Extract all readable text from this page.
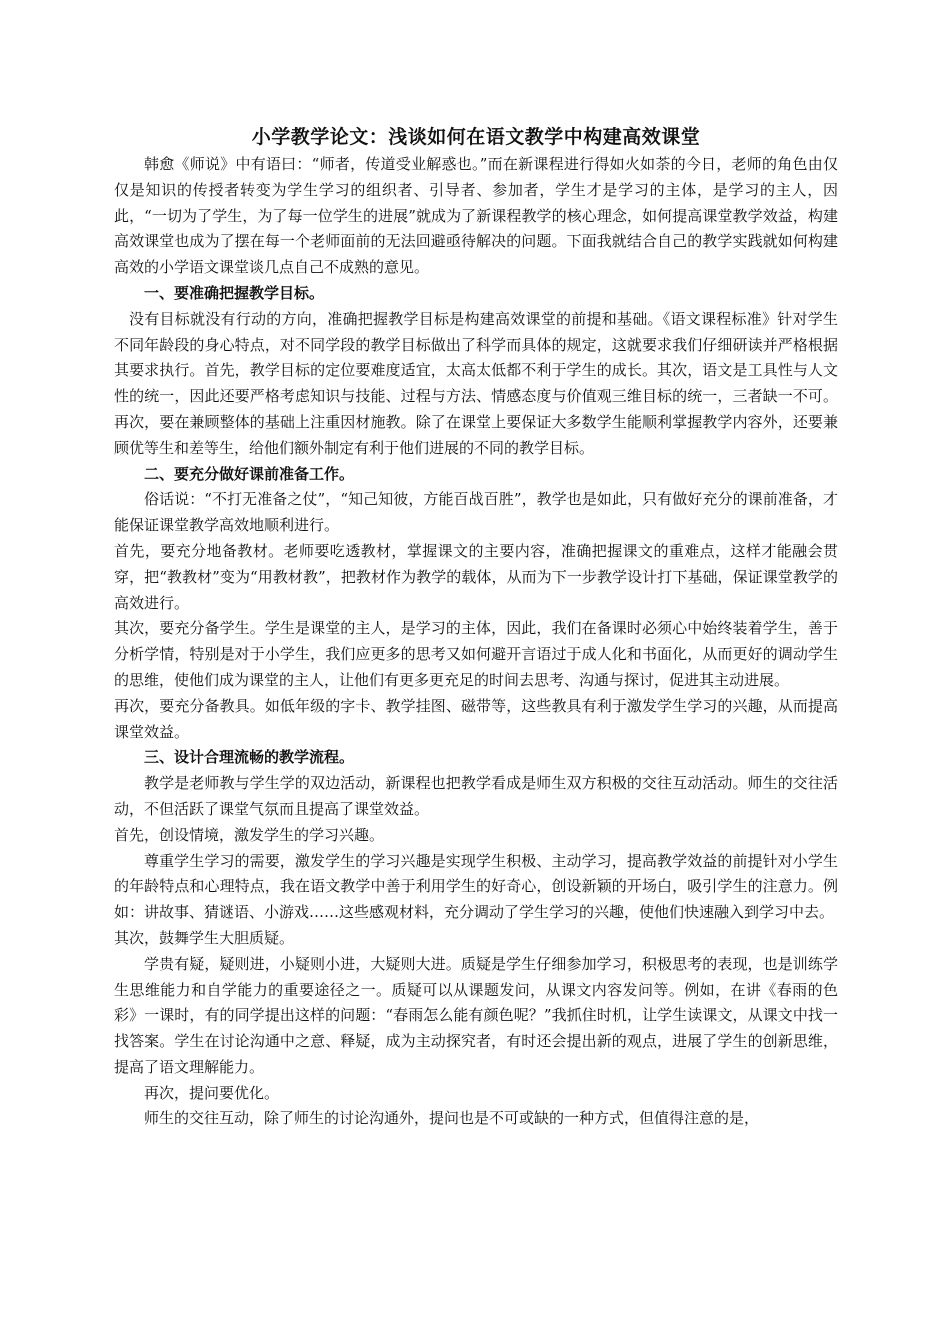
小学教学论文：浅谈如何在语文教学中构建高效课堂

韩愈《师说》中有语曰：“师者，传道受业解惑也。”而在新课程进行得如火如荼的今日，老师的角色由仅仅是知识的传授者转变为学生学习的组织者、引导者、参加者，学生才是学习的主体，是学习的主人，因此，“一切为了学生，为了每一位学生的进展”就成为了新课程教学的核心理念，如何提高课堂教学效益，构建高效课堂也成为了摆在每一个老师面前的无法回避亟待解决的问题。下面我就结合自己的教学实践就如何构建高效的小学语文课堂谈几点自己不成熟的意见。

一、要准确把握教学目标。

没有目标就没有行动的方向，准确把握教学目标是构建高效课堂的前提和基础。《语文课程标准》针对学生不同年龄段的身心特点，对不同学段的教学目标做出了科学而具体的规定，这就要求我们仔细研读并严格根据其要求执行。首先，教学目标的定位要难度适宜，太高太低都不利于学生的成长。其次，语文是工具性与人文性的统一，因此还要严格考虑知识与技能、过程与方法、情感态度与价值观三维目标的统一，三者缺一不可。再次，要在兼顾整体的基础上注重因材施教。除了在课堂上要保证大多数学生能顺利掌握教学内容外，还要兼顾优等生和差等生，给他们额外制定有利于他们进展的不同的教学目标。

二、要充分做好课前准备工作。

俗话说：“不打无准备之仗”，“知己知彼，方能百战百胜”，教学也是如此，只有做好充分的课前准备，才能保证课堂教学高效地顺利进行。

首先，要充分地备教材。老师要吃透教材，掌握课文的主要内容，准确把握课文的重难点，这样才能融会贯穿，把“教教材”变为“用教材教”，把教材作为教学的载体，从而为下一步教学设计打下基础，保证课堂教学的高效进行。

其次，要充分备学生。学生是课堂的主人，是学习的主体，因此，我们在备课时必须心中始终装着学生，善于分析学情，特别是对于小学生，我们应更多的思考又如何避开言语过于成人化和书面化，从而更好的调动学生的思维，使他们成为课堂的主人，让他们有更多更充足的时间去思考、沟通与探讨，促进其主动进展。

再次，要充分备教具。如低年级的字卡、教学挂图、磁带等，这些教具有利于激发学生学习的兴趣，从而提高课堂效益。

三、设计合理流畅的教学流程。

教学是老师教与学生学的双边活动，新课程也把教学看成是师生双方积极的交往互动活动。师生的交往活动，不但活跃了课堂气氛而且提高了课堂效益。

首先，创设情境，激发学生的学习兴趣。

尊重学生学习的需要，激发学生的学习兴趣是实现学生积极、主动学习，提高教学效益的前提针对小学生的年龄特点和心理特点，我在语文教学中善于利用学生的好奇心，创设新颖的开场白，吸引学生的注意力。例如：讲故事、猜谜语、小游戏……这些感观材料，充分调动了学生学习的兴趣，使他们快速融入到学习中去。

其次，鼓舞学生大胆质疑。

学贵有疑，疑则进，小疑则小进，大疑则大进。质疑是学生仔细参加学习，积极思考的表现，也是训练学生思维能力和自学能力的重要途径之一。质疑可以从课题发问，从课文内容发问等。例如，在讲《春雨的色彩》一课时，有的同学提出这样的问题：“春雨怎么能有颜色呢？”我抓住时机，让学生读课文，从课文中找一找答案。学生在讨论沟通中之意、释疑，成为主动探究者，有时还会提出新的观点，进展了学生的创新思维，提高了语文理解能力。

再次，提问要优化。

师生的交往互动，除了师生的讨论沟通外，提问也是不可或缺的一种方式，但值得注意的是，
